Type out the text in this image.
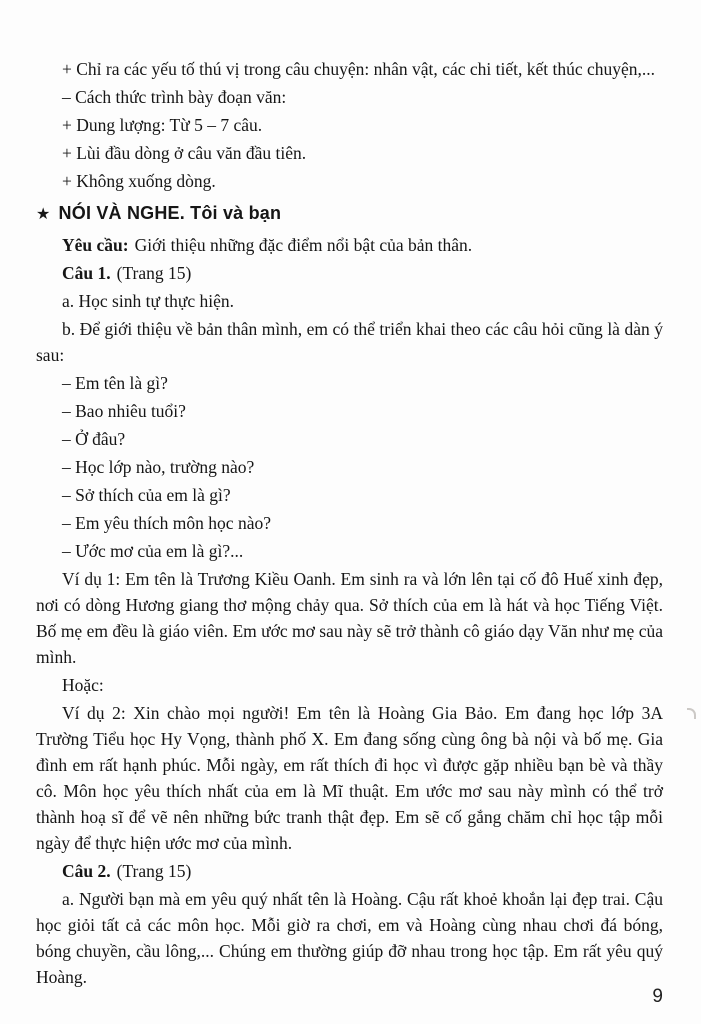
+ Chỉ ra các yếu tố thú vị trong câu chuyện: nhân vật, các chi tiết, kết thúc chuyện,...
– Cách thức trình bày đoạn văn:
+ Dung lượng: Từ 5 – 7 câu.
+ Lùi đầu dòng ở câu văn đầu tiên.
+ Không xuống dòng.
★ NÓI VÀ NGHE. Tôi và bạn
Yêu cầu: Giới thiệu những đặc điểm nổi bật của bản thân.
Câu 1. (Trang 15)
a. Học sinh tự thực hiện.
b. Để giới thiệu về bản thân mình, em có thể triển khai theo các câu hỏi cũng là dàn ý sau:
– Em tên là gì?
– Bao nhiêu tuổi?
– Ở đâu?
– Học lớp nào, trường nào?
– Sở thích của em là gì?
– Em yêu thích môn học nào?
– Ước mơ của em là gì?...
Ví dụ 1: Em tên là Trương Kiều Oanh. Em sinh ra và lớn lên tại cố đô Huế xinh đẹp, nơi có dòng Hương giang thơ mộng chảy qua. Sở thích của em là hát và học Tiếng Việt. Bố mẹ em đều là giáo viên. Em ước mơ sau này sẽ trở thành cô giáo dạy Văn như mẹ của mình.
Hoặc:
Ví dụ 2: Xin chào mọi người! Em tên là Hoàng Gia Bảo. Em đang học lớp 3A Trường Tiểu học Hy Vọng, thành phố X. Em đang sống cùng ông bà nội và bố mẹ. Gia đình em rất hạnh phúc. Mỗi ngày, em rất thích đi học vì được gặp nhiều bạn bè và thầy cô. Môn học yêu thích nhất của em là Mĩ thuật. Em ước mơ sau này mình có thể trở thành hoạ sĩ để vẽ nên những bức tranh thật đẹp. Em sẽ cố gắng chăm chỉ học tập mỗi ngày để thực hiện ước mơ của mình.
Câu 2. (Trang 15)
a. Người bạn mà em yêu quý nhất tên là Hoàng. Cậu rất khoẻ khoắn lại đẹp trai. Cậu học giỏi tất cả các môn học. Mỗi giờ ra chơi, em và Hoàng cùng nhau chơi đá bóng, bóng chuyền, cầu lông,... Chúng em thường giúp đỡ nhau trong học tập. Em rất yêu quý Hoàng.
9
